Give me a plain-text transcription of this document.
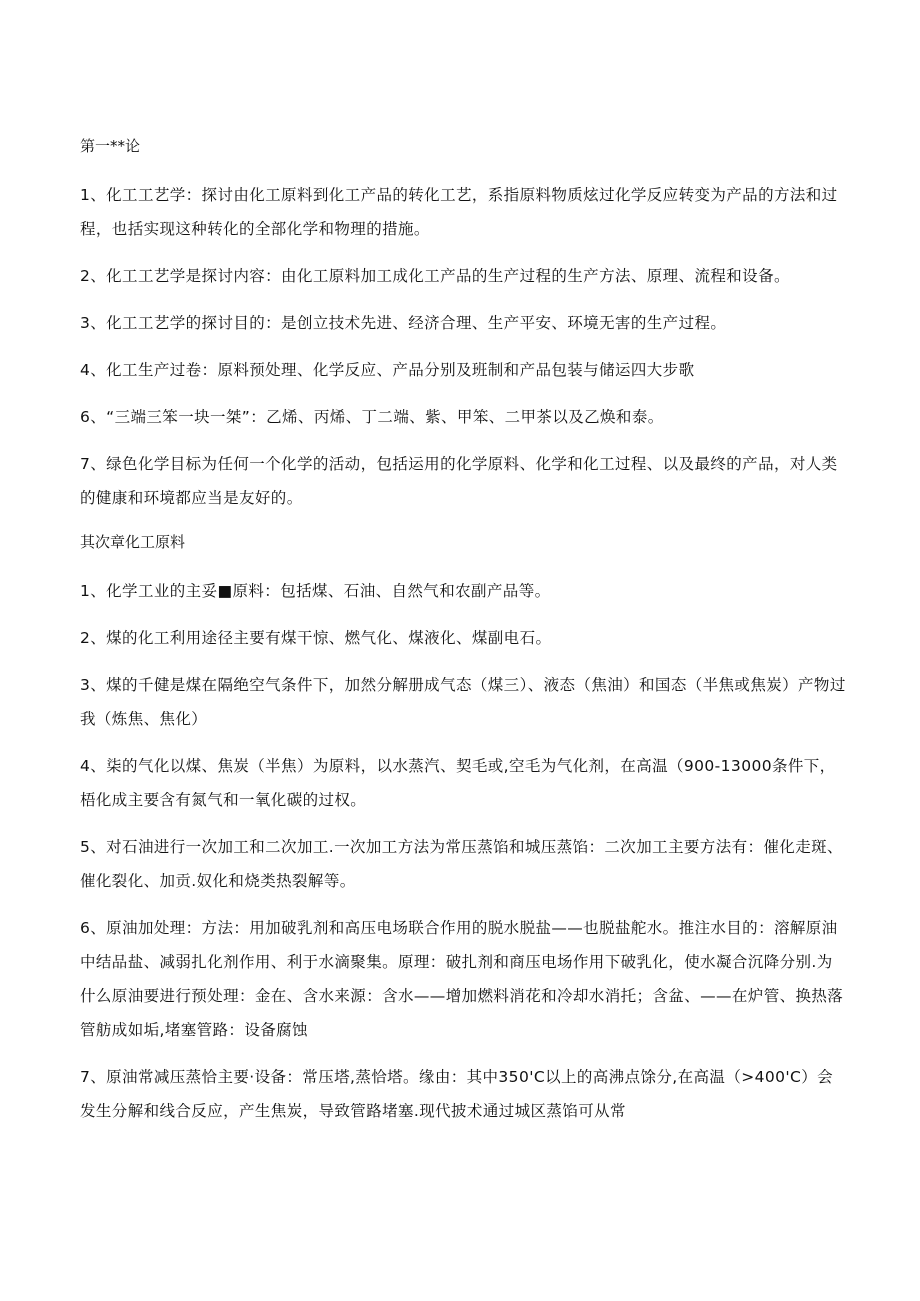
第一**论

1、化工工艺学：探讨由化工原料到化工产品的转化工艺，系指原料物质炫过化学反应转变为产品的方法和过程，也括实现这种转化的全部化学和物理的措施。

2、化工工艺学是探讨内容：由化工原料加工成化工产品的生产过程的生产方法、原理、流程和设备。

3、化工工艺学的探讨目的：是创立技术先进、经济合理、生产平安、环境无害的生产过程。

4、化工生产过卷：原料预处理、化学反应、产品分别及班制和产品包装与储运四大步歌

6、“三端三笨一块一桀”：乙烯、丙烯、丁二端、紫、甲笨、二甲茶以及乙焕和泰。

7、绿色化学目标为任何一个化学的活动，包括运用的化学原料、化学和化工过程、以及最终的产品，对人类的健康和环境都应当是友好的。

其次章化工原料

1、化学工业的主妥■原料：包括煤、石油、自然气和农副产品等。

2、煤的化工利用途径主要有煤干惊、燃气化、煤液化、煤副电石。

3、煤的千健是煤在隔绝空气条件下，加然分解册成气态（煤三）、液态（焦油）和国态（半焦或焦炭）产物过我（炼焦、焦化）

4、柒的气化以煤、焦炭（半焦）为原料，以水蒸汽、契毛或,空毛为气化剂，在高温（900-13000条件下，梧化成主要含有氮气和一氧化碳的过权。

5、对石油进行一次加工和二次加工.一次加工方法为常压蒸馅和城压蒸馅：二次加工主要方法有：催化走斑、催化裂化、加贡.奴化和烧类热裂解等。

6、原油加处理：方法：用加破乳剂和高压电场联合作用的脱水脱盐——也脱盐舵水。推注水目的：溶解原油中结品盐、减弱扎化剂作用、利于水滴聚集。原理：破扎剂和商压电场作用下破乳化，使水凝合沉降分别.为什么原油要进行预处理：金在、含水来源：含水——增加燃料消花和冷却水消托；含盆、——在炉管、换热落管舫成如垢,堵塞管路：设备腐蚀

7、原油常减压蒸恰主要·设备：常压塔,蒸恰塔。缘由：其中350'C以上的高沸点馀分,在高温（>400'C）会发生分解和线合反应，产生焦炭，导致管路堵塞.现代披术通过城区蒸馅可从常
